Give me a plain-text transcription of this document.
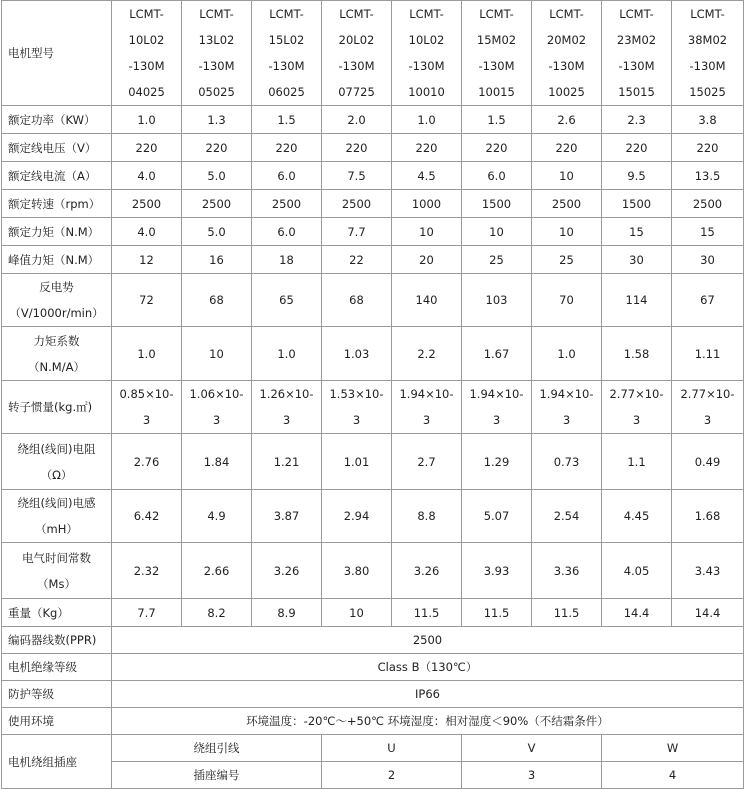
电机型号	LCMT-
10L02
-130M
04025	LCMT-
13L02
-130M
05025	LCMT-
15L02
-130M
06025	LCMT-
20L02
-130M
07725	LCMT-
10L02
-130M
10010	LCMT-
15M02
-130M
10015	LCMT-
20M02
-130M
10025	LCMT-
23M02
-130M
15015	LCMT-
38M02
-130M
15025	

额定功率（KW）	1.0	1.3	1.5	2.0	1.0	1.5	2.6	2.3	3.8	

额定线电压（V）	220	220	220	220	220	220	220	220	220	

额定线电流（A）	4.0	5.0	6.0	7.5	4.5	6.0	10	9.5	13.5	

额定转速（rpm）	2500	2500	2500	2500	1000	1500	2500	1500	2500	

额定力矩（N.M）	4.0	5.0	6.0	7.7	10	10	10	15	15	

峰值力矩（N.M）	12	16	18	22	20	25	25	30	30	

反电势
（V/1000r/min）	72	68	65	68	140	103	70	114	67	

力矩系数
（N.M/A）	1.0	10	1.0	1.03	2.2	1.67	1.0	1.58	1.11	

转子惯量(kg.㎡)	0.85×10-
3	1.06×10-
3	1.26×10-
3	1.53×10-
3	1.94×10-
3	1.94×10-
3	1.94×10-
3	2.77×10-
3	2.77×10-
3	

绕组(线间)电阻
（Ω）	2.76	1.84	1.21	1.01	2.7	1.29	0.73	1.1	0.49	

绕组(线间)电感
（mH）	6.42	4.9	3.87	2.94	8.8	5.07	2.54	4.45	1.68	

电气时间常数
（Ms）	2.32	2.66	3.26	3.80	3.26	3.93	3.36	4.05	3.43	

重量（Kg）	7.7	8.2	8.9	10	11.5	11.5	11.5	14.4	14.4	

编码器线数(PPR)	2500									
电机绝缘等级	Class B（130℃）									
防护等级	IP66									
使用环境	环境温度：-20℃～+50℃ 环境湿度：相对湿度＜90%（不结霜条件）									
电机绕组插座	绕组引线			U		V		W	
	插座编号			2		3		4	
